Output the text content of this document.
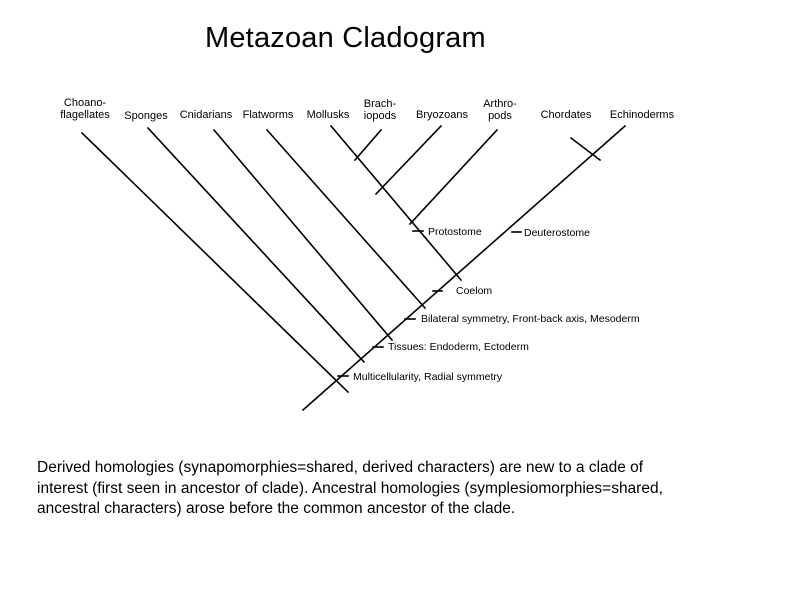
Metazoan Cladogram
Choano-
flagellates Sponges Cnidarians Flatworms Mollusks
Brach-
iopods Bryozoans
Arthro-
pods	Chordates Echinoderms
Protostome	Deuterostome
Coelom
Bilateral symmetry, Front-back axis, Mesoderm
Tissues: Endoderm, Ectoderm
Multicellularity, Radial symmetry
Derived homologies (synapomorphies=shared, derived characters) are new to a clade of interest (first seen in ancestor of clade). Ancestral homologies (symplesiomorphies=shared, ancestral characters) arose before the common ancestor of the clade.
